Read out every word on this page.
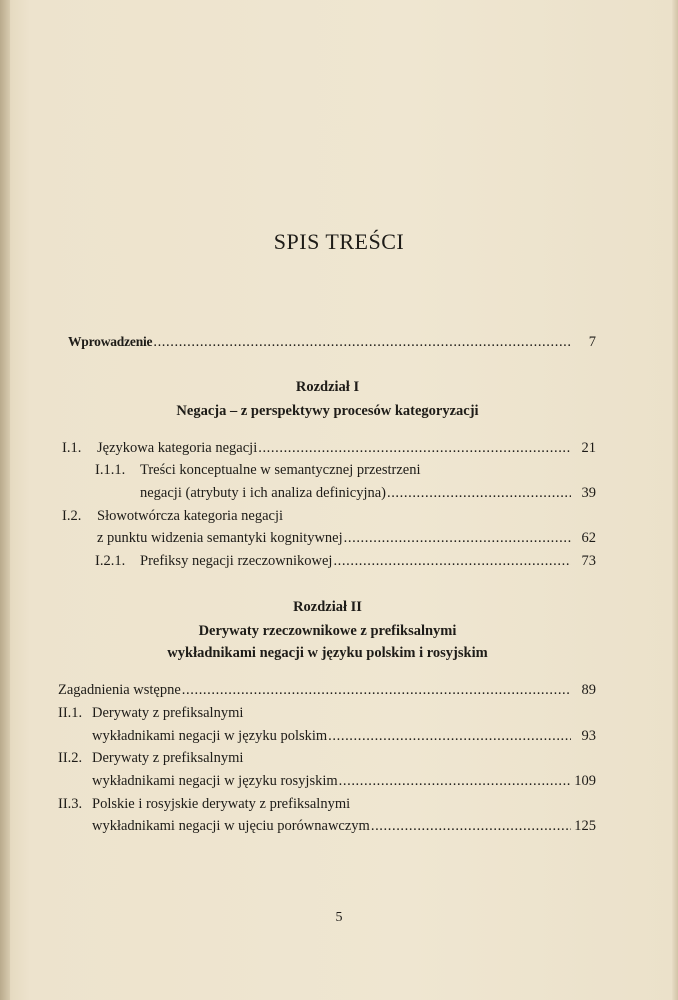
SPIS TREŚCI
Wprowadzenie .....	7
Rozdział I
Negacja – z perspektywy procesów kategoryzacji
I.1. Językowa kategoria negacji .....	21
I.1.1. Treści konceptualne w semantycznej przestrzeni
negacji (atrybuty i ich analiza definicyjna) .....	39
I.2. Słowotwórcza kategoria negacji
z punktu widzenia semantyki kognitywnej .....	62
I.2.1. Prefiksy negacji rzeczownikowej .....	73
Rozdział II
Derywaty rzeczownikowe z prefiksalnymi
wykładnikami negacji w języku polskim i rosyjskim
Zagadnienia wstępne .....	89
II.1. Derywaty z prefiksalnymi
wykładnikami negacji w języku polskim .....	93
II.2. Derywaty z prefiksalnymi
wykładnikami negacji w języku rosyjskim .....	109
II.3. Polskie i rosyjskie derywaty z prefiksalnymi
wykładnikami negacji w ujęciu porównawczym .....	125
5
